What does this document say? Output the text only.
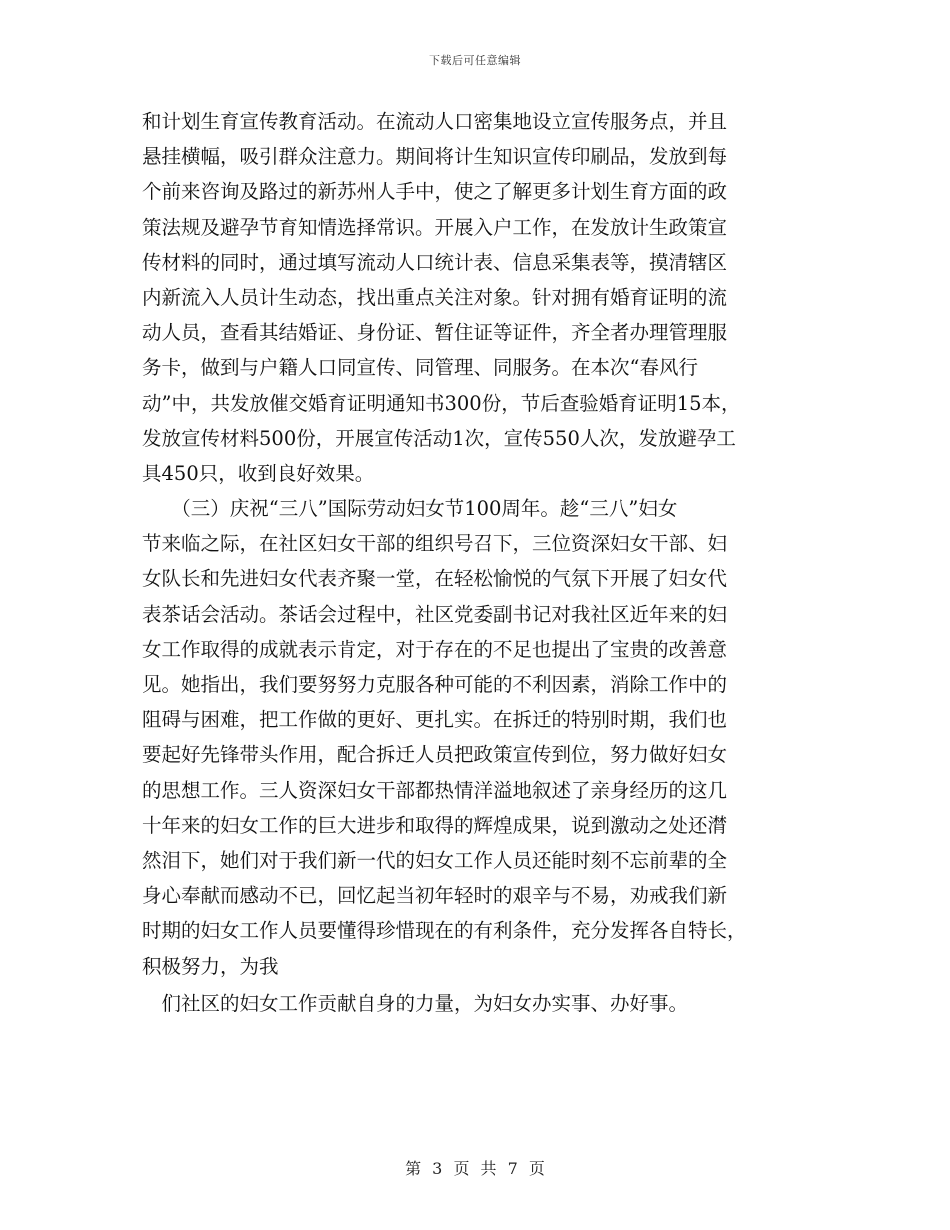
下载后可任意编辑
和计划生育宣传教育活动。在流动人口密集地设立宣传服务点，并且
悬挂横幅，吸引群众注意力。期间将计生知识宣传印刷品，发放到每
个前来咨询及路过的新苏州人手中，使之了解更多计划生育方面的政
策法规及避孕节育知情选择常识。开展入户工作，在发放计生政策宣
传材料的同时，通过填写流动人口统计表、信息采集表等，摸清辖区
内新流入人员计生动态，找出重点关注对象。针对拥有婚育证明的流
动人员，查看其结婚证、身份证、暂住证等证件，齐全者办理管理服
务卡，做到与户籍人口同宣传、同管理、同服务。在本次“春风行
动”中，共发放催交婚育证明通知书300份，节后查验婚育证明15本，
发放宣传材料500份，开展宣传活动1次，宣传550人次，发放避孕工
具450只，收到良好效果。
　　（三）庆祝“三八”国际劳动妇女节100周年。趁“三八”妇女
节来临之际，在社区妇女干部的组织号召下，三位资深妇女干部、妇
女队长和先进妇女代表齐聚一堂，在轻松愉悦的气氛下开展了妇女代
表茶话会活动。茶话会过程中，社区党委副书记对我社区近年来的妇
女工作取得的成就表示肯定，对于存在的不足也提出了宝贵的改善意
见。她指出，我们要努努力克服各种可能的不利因素，消除工作中的
阻碍与困难，把工作做的更好、更扎实。在拆迁的特别时期，我们也
要起好先锋带头作用，配合拆迁人员把政策宣传到位，努力做好妇女
的思想工作。三人资深妇女干部都热情洋溢地叙述了亲身经历的这几
十年来的妇女工作的巨大进步和取得的辉煌成果，说到激动之处还潸
然泪下，她们对于我们新一代的妇女工作人员还能时刻不忘前辈的全
身心奉献而感动不已，回忆起当初年轻时的艰辛与不易，劝戒我们新
时期的妇女工作人员要懂得珍惜现在的有利条件，充分发挥各自特长，
积极努力，为我
　们社区的妇女工作贡献自身的力量，为妇女办实事、办好事。
第 3 页 共 7 页
